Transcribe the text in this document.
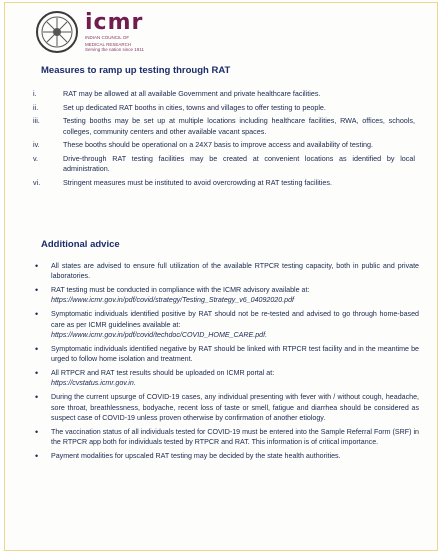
icmr
INDIAN COUNCIL OF
MEDICAL RESEARCH
Serving the nation since 1911
Measures to ramp up testing through RAT
i.	RAT may be allowed at all available Government and private healthcare facilities.
ii.	Set up dedicated RAT booths in cities, towns and villages to offer testing to people.
iii.	Testing booths may be set up at multiple locations including healthcare facilities, RWA, offices, schools, colleges, community centers and other available vacant spaces.
iv.	These booths should be operational on a 24X7 basis to improve access and availability of testing.
v.	Drive-through RAT testing facilities may be created at convenient locations as identified by local administration.
vi.	Stringent measures must be instituted to avoid overcrowding at RAT testing facilities.
Additional advice
•	All states are advised to ensure full utilization of the available RTPCR testing capacity, both in public and private laboratories.
•	RAT testing must be conducted in compliance with the ICMR advisory available at:
https://www.icmr.gov.in/pdf/covid/strategy/Testing_Strategy_v6_04092020.pdf
•	Symptomatic individuals identified positive by RAT should not be re-tested and advised to go through home-based care as per ICMR guidelines available at:
https://www.icmr.gov.in/pdf/covid/techdoc/COVID_HOME_CARE.pdf.
•	Symptomatic individuals identified negative by RAT should be linked with RTPCR test facility and in the meantime be urged to follow home isolation and treatment.
•	All RTPCR and RAT test results should be uploaded on ICMR portal at:
https://cvstatus.icmr.gov.in.
•	During the current upsurge of COVID-19 cases, any individual presenting with fever with / without cough, headache, sore throat, breathlessness, bodyache, recent loss of taste or smell, fatigue and diarrhea should be considered as suspect case of COVID-19 unless proven otherwise by confirmation of another etiology.
•	The vaccination status of all individuals tested for COVID-19 must be entered into the Sample Referral Form (SRF) in the RTPCR app both for individuals tested by RTPCR and RAT. This information is of critical importance.
•	Payment modalities for upscaled RAT testing may be decided by the state health authorities.
